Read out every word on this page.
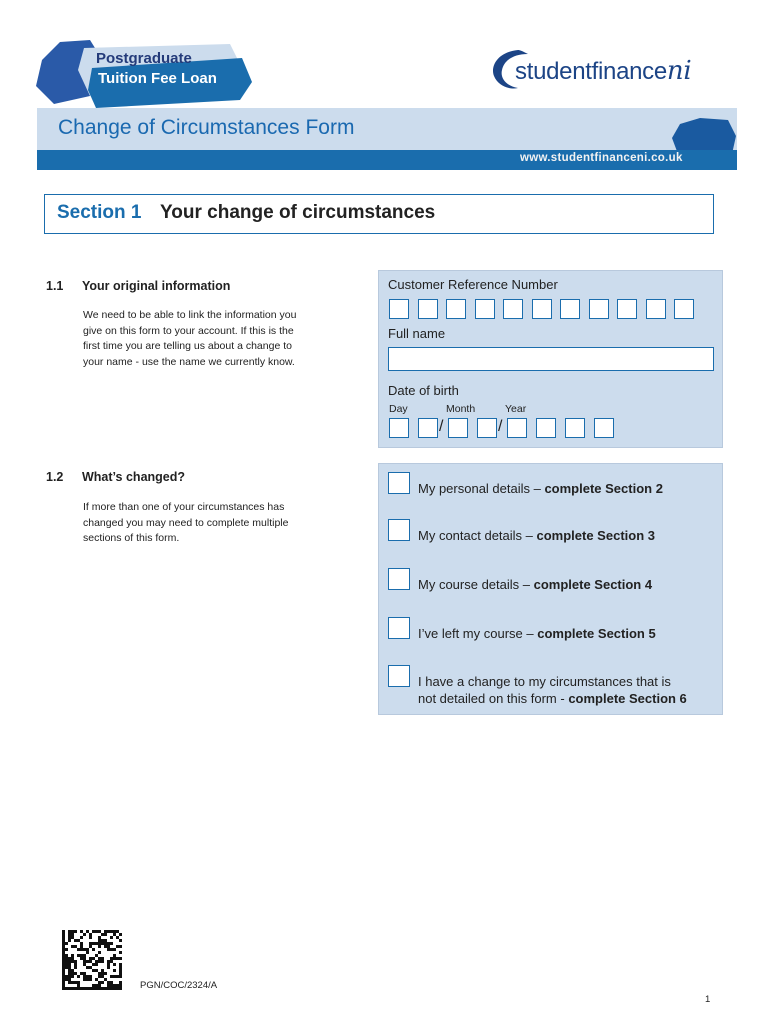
Postgraduate
Tuition Fee Loan	studentfinanceni
Change of Circumstances Form
www.studentfinanceni.co.uk
Section 1 Your change of circumstances
1.1 Your original information
We need to be able to link the information you
give on this form to your account. If this is the
first time you are telling us about a change to
your name - use the name we currently know.
Customer Reference Number
Full name
Date of birth
Day	Month	Year
/	/
1.2 What’s changed?
If more than one of your circumstances has
changed you may need to complete multiple
sections of this form.
My personal details – complete Section 2
My contact details – complete Section 3
My course details – complete Section 4
I’ve left my course – complete Section 5
I have a change to my circumstances that is
not detailed on this form - complete Section 6
PGN/COC/2324/A
1
